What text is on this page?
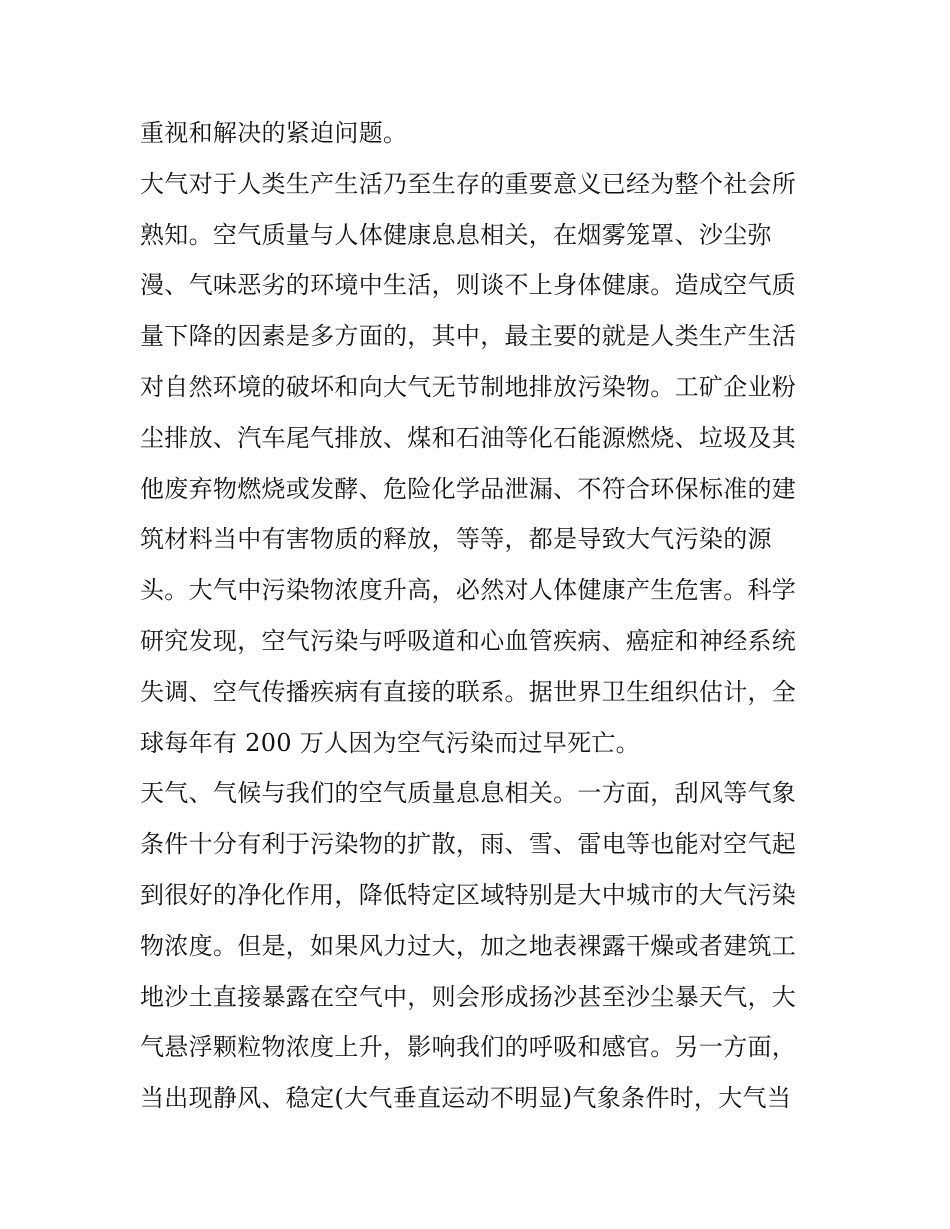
重视和解决的紧迫问题。
大气对于人类生产生活乃至生存的重要意义已经为整个社会所
熟知。空气质量与人体健康息息相关，在烟雾笼罩、沙尘弥
漫、气味恶劣的环境中生活，则谈不上身体健康。造成空气质
量下降的因素是多方面的，其中，最主要的就是人类生产生活
对自然环境的破坏和向大气无节制地排放污染物。工矿企业粉
尘排放、汽车尾气排放、煤和石油等化石能源燃烧、垃圾及其
他废弃物燃烧或发酵、危险化学品泄漏、不符合环保标准的建
筑材料当中有害物质的释放，等等，都是导致大气污染的源
头。大气中污染物浓度升高，必然对人体健康产生危害。科学
研究发现，空气污染与呼吸道和心血管疾病、癌症和神经系统
失调、空气传播疾病有直接的联系。据世界卫生组织估计，全
球每年有 200 万人因为空气污染而过早死亡。
天气、气候与我们的空气质量息息相关。一方面，刮风等气象
条件十分有利于污染物的扩散，雨、雪、雷电等也能对空气起
到很好的净化作用，降低特定区域特别是大中城市的大气污染
物浓度。但是，如果风力过大，加之地表裸露干燥或者建筑工
地沙土直接暴露在空气中，则会形成扬沙甚至沙尘暴天气，大
气悬浮颗粒物浓度上升，影响我们的呼吸和感官。另一方面，
当出现静风、稳定(大气垂直运动不明显)气象条件时，大气当
